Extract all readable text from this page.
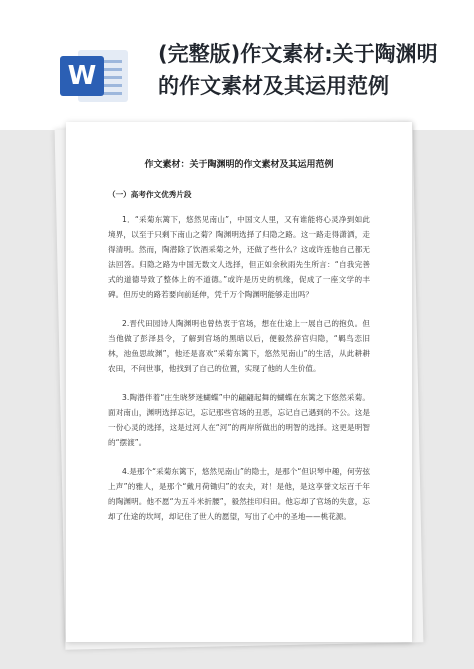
W
(完整版)作文素材:关于陶渊明的作文素材及其运用范例
作文素材：关于陶渊明的作文素材及其运用范例
（一）高考作文优秀片段

1．“采菊东篱下，悠然见南山”，中国文人里，又有谁能将心灵净到如此境界，以至于只剩下南山之菊？陶渊明选择了归隐之路。这一路走得潇洒，走得清明。然而，陶潜除了饮酒采菊之外，还做了些什么？这或许连他自己都无法回答。归隐之路为中国无数文人选择，但正如余秋雨先生所言：“自我完善式的道德导致了整体上的不道德。”或许是历史的机缘，促成了一座文学的丰碑。但历史的路若要向前延伸，凭千万个陶渊明能够走出吗？

2.晋代田园诗人陶渊明也曾热衷于官场，想在仕途上一展自己的抱负。但当他做了彭泽县令，了解到官场的黑暗以后，便毅然辞官归隐，“羁鸟恋旧林，池鱼思故渊”，他还是喜欢“采菊东篱下，悠然见南山”的生活，从此耕耕农田，不问世事，他找到了自己的位置，实现了他的人生价值。

3.陶潜伴着“庄生晓梦迷蝴蝶”中的翩翩起舞的蝴蝶在东篱之下悠然采菊。面对南山，渊明选择忘记，忘记那些官场的丑恶，忘记自己遇到的不公。这是一份心灵的选择，这是过河人在“河”的两岸所做出的明智的选择。这更是明智的“摆渡”。

4.是那个“采菊东篱下，悠然见南山”的隐士，是那个“但识琴中趣，何劳弦上声”的雅人，是那个“戴月荷锄归”的农夫，对！是他，是这享誉文坛百千年的陶渊明。他不愿“为五斗米折腰”，毅然挂印归田。他忘却了官场的失意，忘却了仕途的坎坷，却记住了世人的愿望，写出了心中的圣地——桃花源。
